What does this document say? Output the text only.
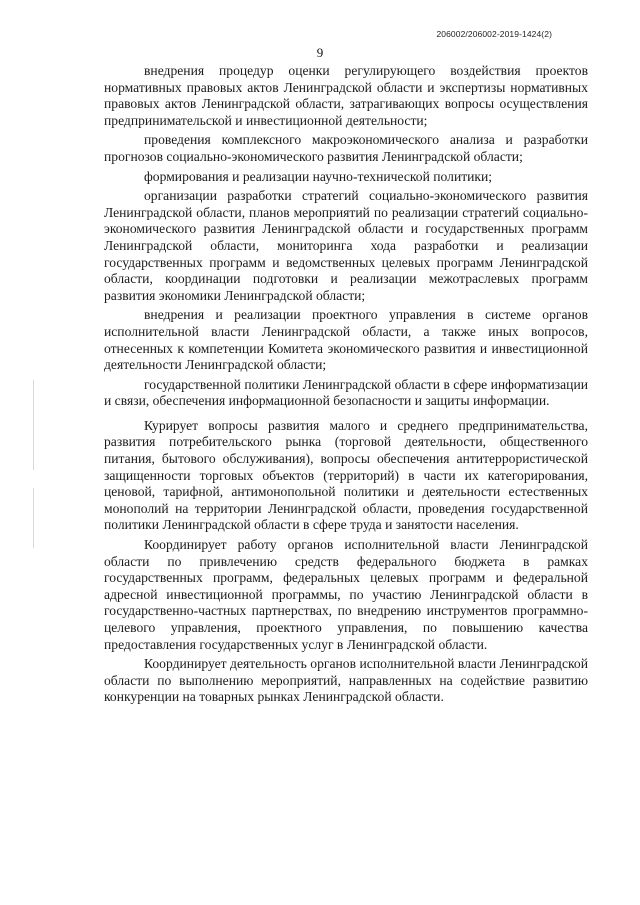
206002/206002-2019-1424(2)
9

внедрения процедур оценки регулирующего воздействия проектов нормативных правовых актов Ленинградской области и экспертизы нормативных правовых актов Ленинградской области, затрагивающих вопросы осуществления предпринимательской и инвестиционной деятельности;

проведения комплексного макроэкономического анализа и разработки прогнозов социально-экономического развития Ленинградской области;

формирования и реализации научно-технической политики;

организации разработки стратегий социально-экономического развития Ленинградской области, планов мероприятий по реализации стратегий социально-экономического развития Ленинградской области и государственных программ Ленинградской области, мониторинга хода разработки и реализации государственных программ и ведомственных целевых программ Ленинградской области, координации подготовки и реализации межотраслевых программ развития экономики Ленинградской области;

внедрения и реализации проектного управления в системе органов исполнительной власти Ленинградской области, а также иных вопросов, отнесенных к компетенции Комитета экономического развития и инвестиционной деятельности Ленинградской области;

государственной политики Ленинградской области в сфере информатизации и связи, обеспечения информационной безопасности и защиты информации.

Курирует вопросы развития малого и среднего предпринимательства, развития потребительского рынка (торговой деятельности, общественного питания, бытового обслуживания), вопросы обеспечения антитеррористической защищенности торговых объектов (территорий) в части их категорирования, ценовой, тарифной, антимонопольной политики и деятельности естественных монополий на территории Ленинградской области, проведения государственной политики Ленинградской области в сфере труда и занятости населения.

Координирует работу органов исполнительной власти Ленинградской области по привлечению средств федерального бюджета в рамках государственных программ, федеральных целевых программ и федеральной адресной инвестиционной программы, по участию Ленинградской области в государственно-частных партнерствах, по внедрению инструментов программно-целевого управления, проектного управления, по повышению качества предоставления государственных услуг в Ленинградской области.

Координирует деятельность органов исполнительной власти Ленинградской области по выполнению мероприятий, направленных на содействие развитию конкуренции на товарных рынках Ленинградской области.
